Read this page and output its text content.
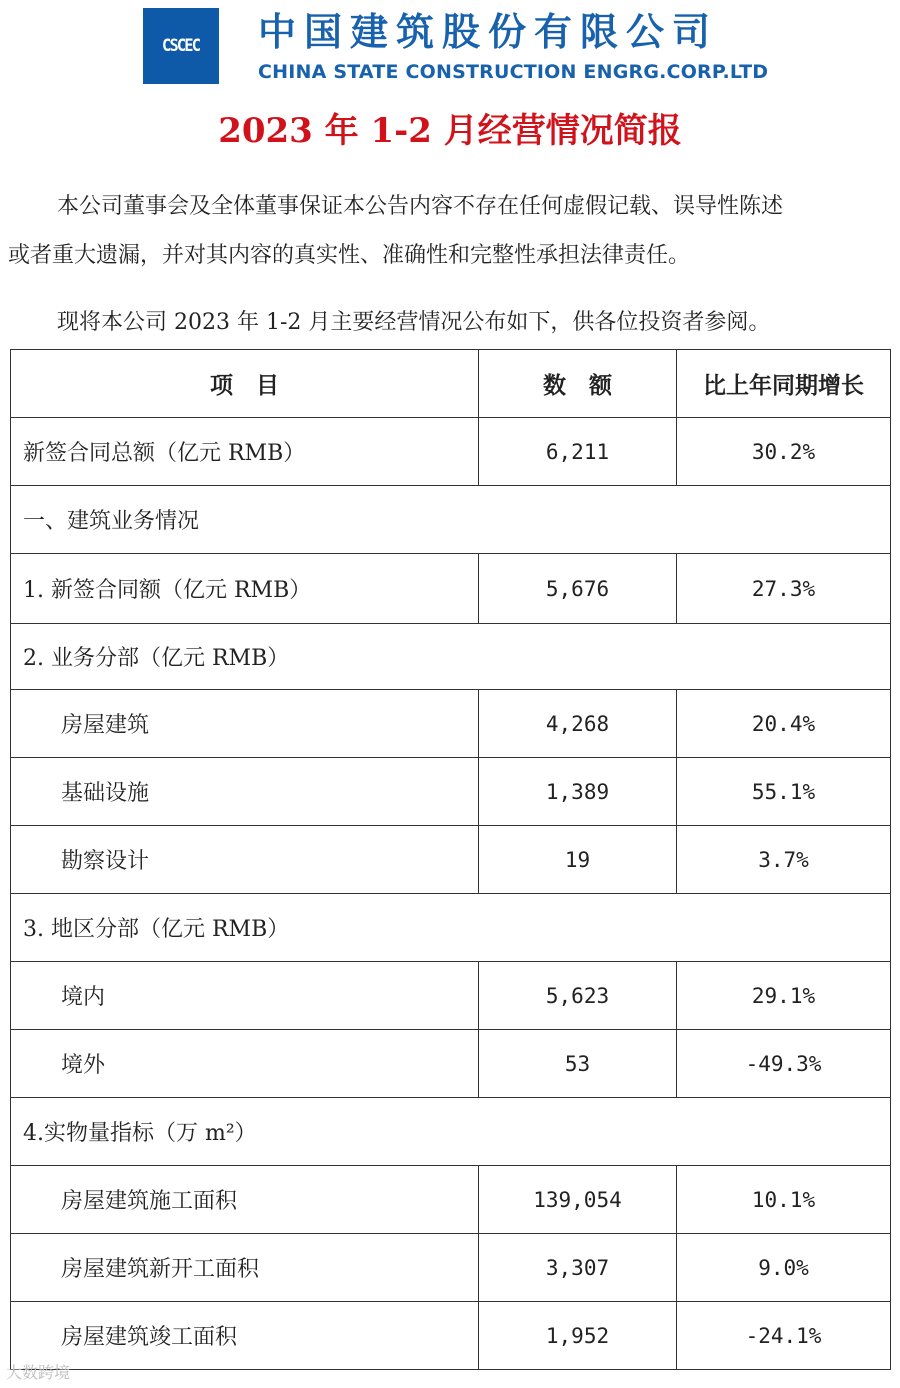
CSCEC 中国建筑股份有限公司
CHINA STATE CONSTRUCTION ENGRG.CORP.LTD
2023 年 1-2 月经营情况简报
本公司董事会及全体董事保证本公告内容不存在任何虚假记载、误导性陈述
或者重大遗漏，并对其内容的真实性、准确性和完整性承担法律责任。
现将本公司 2023 年 1-2 月主要经营情况公布如下，供各位投资者参阅。
项　目	数　额	比上年同期增长
新签合同总额（亿元 RMB）	6,211	30.2%
一、建筑业务情况		
1. 新签合同额（亿元 RMB）	5,676	27.3%
2. 业务分部（亿元 RMB）		
房屋建筑	4,268	20.4%
基础设施	1,389	55.1%
勘察设计	19	3.7%
3. 地区分部（亿元 RMB）		
境内	5,623	29.1%
境外	53	-49.3%
4.实物量指标（万 m²）		
房屋建筑施工面积	139,054	10.1%
房屋建筑新开工面积	3,307	9.0%
房屋建筑竣工面积	1,952	-24.1%
大数跨境
